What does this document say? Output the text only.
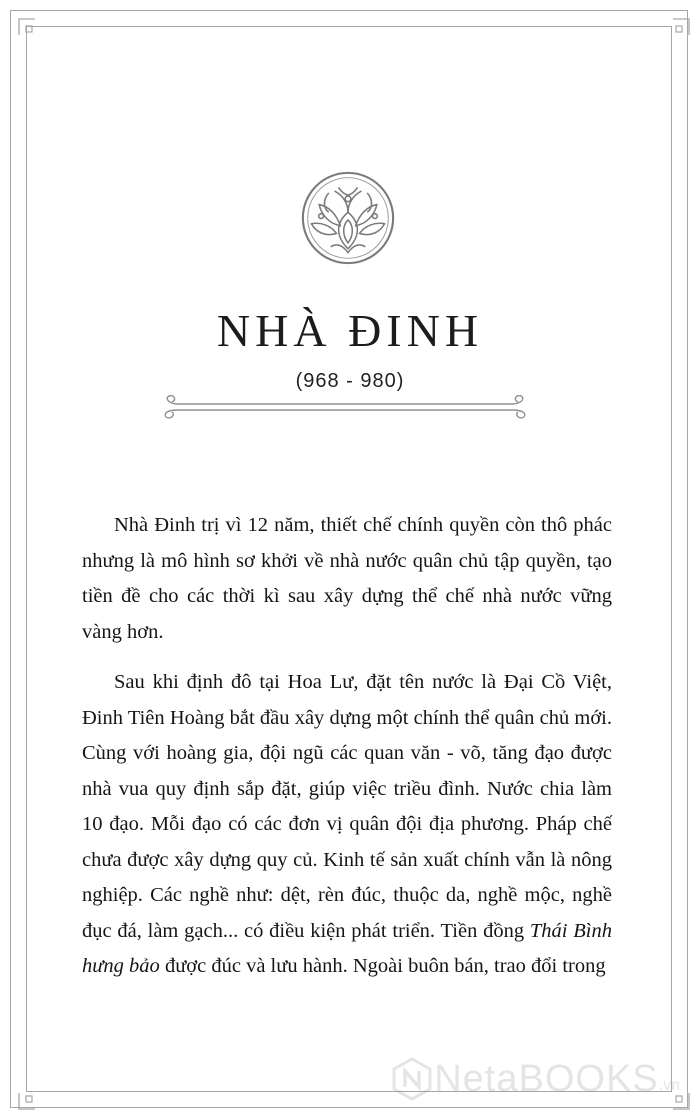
NHÀ ĐINH
(968 - 980)

Nhà Đinh trị vì 12 năm, thiết chế chính quyền còn thô phác nhưng là mô hình sơ khởi về nhà nước quân chủ tập quyền, tạo tiền đề cho các thời kì sau xây dựng thể chế nhà nước vững vàng hơn.

Sau khi định đô tại Hoa Lư, đặt tên nước là Đại Cồ Việt, Đinh Tiên Hoàng bắt đầu xây dựng một chính thể quân chủ mới. Cùng với hoàng gia, đội ngũ các quan văn - võ, tăng đạo được nhà vua quy định sắp đặt, giúp việc triều đình. Nước chia làm 10 đạo. Mỗi đạo có các đơn vị quân đội địa phương. Pháp chế chưa được xây dựng quy củ. Kinh tế sản xuất chính vẫn là nông nghiệp. Các nghề như: dệt, rèn đúc, thuộc da, nghề mộc, nghề đục đá, làm gạch... có điều kiện phát triển. Tiền đồng Thái Bình hưng bảo được đúc và lưu hành. Ngoài buôn bán, trao đổi trong

NetaBOOKS .vn
